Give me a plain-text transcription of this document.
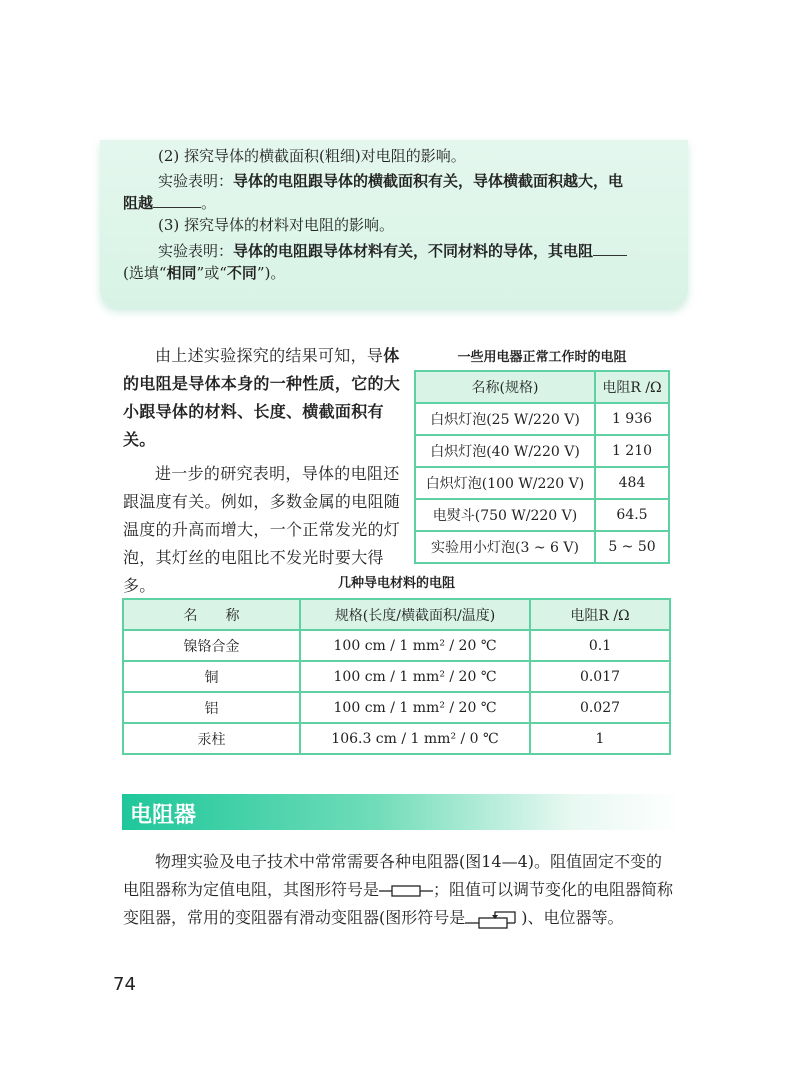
(2) 探究导体的横截面积(粗细)对电阻的影响。
实验表明：导体的电阻跟导体的横截面积有关，导体横截面积越大，电
阻越	。
(3) 探究导体的材料对电阻的影响。
实验表明：导体的电阻跟导体材料有关，不同材料的导体，其电阻
(选填“相同”或“不同”)。

由上述实验探究的结果可知，导体的电阻是导体本身的一种性质，它的大小跟导体的材料、长度、横截面积有关。

进一步的研究表明，导体的电阻还跟温度有关。例如，多数金属的电阻随温度的升高而增大，一个正常发光的灯泡，其灯丝的电阻比不发光时要大得多。

一些用电器正常工作时的电阻
名称(规格)	电阻R /Ω
白炽灯泡(25 W/220 V)	1 936
白炽灯泡(40 W/220 V)	1 210
白炽灯泡(100 W/220 V)	484
电熨斗(750 W/220 V)	64.5
实验用小灯泡(3 ~ 6 V)	5 ~ 50
几种导电材料的电阻
名　　称	规格(长度/横截面积/温度)	电阻R /Ω
镍铬合金	100 cm / 1 mm² / 20 ℃	0.1
铜	100 cm / 1 mm² / 20 ℃	0.017
铝	100 cm / 1 mm² / 20 ℃	0.027
汞柱	106.3 cm / 1 mm² / 0 ℃	1
电阻器

物理实验及电子技术中常常需要各种电阻器(图14—4)。阻值固定不变的电阻器称为定值电阻，其图形符号是	；阻值可以调节变化的电阻器简称变阻器，常用的变阻器有滑动变阻器(图形符号是	)、电位器等。

74
